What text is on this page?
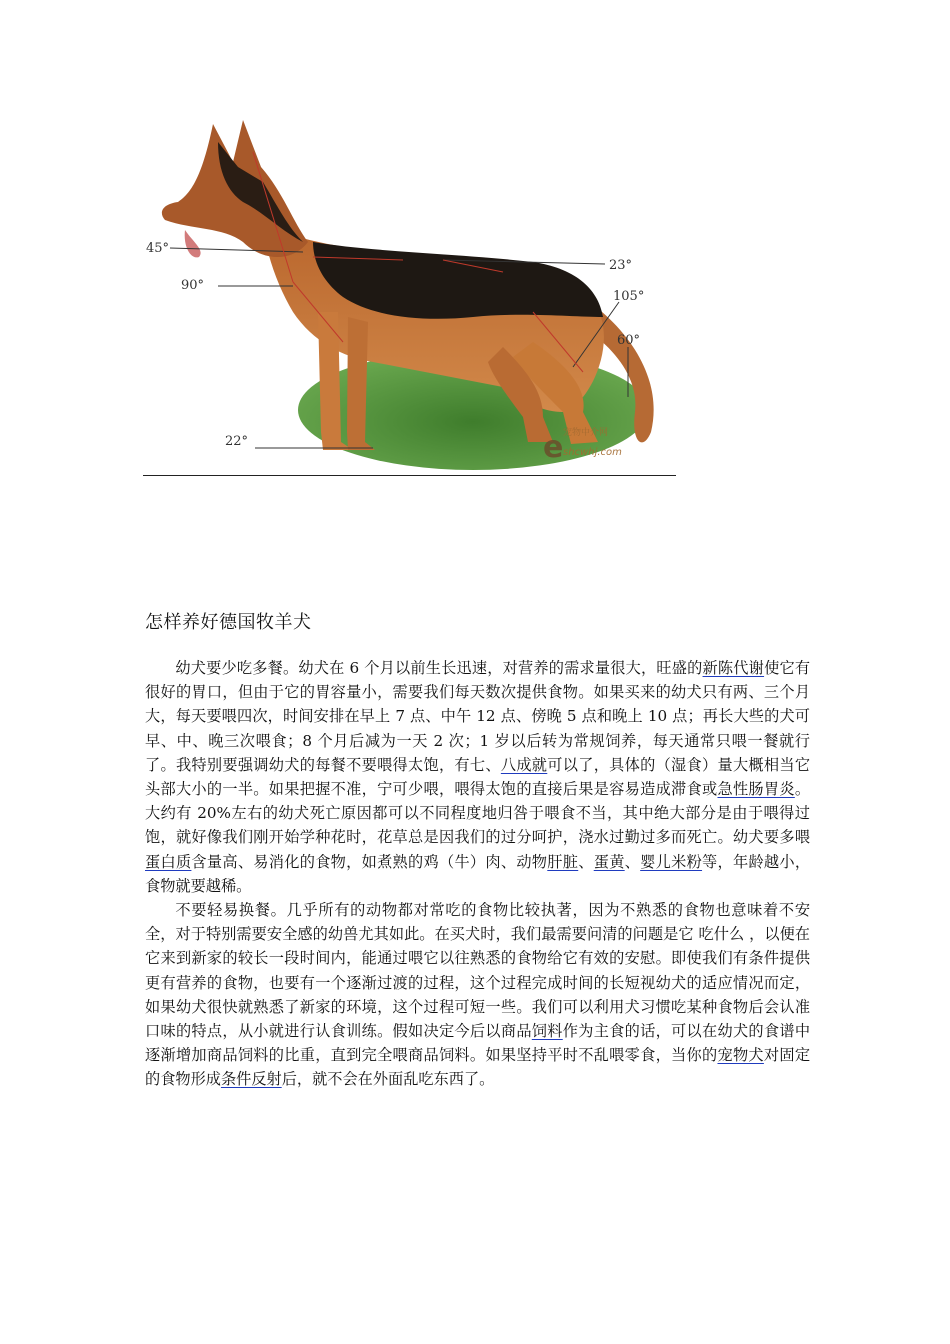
45°
90°
23°
105°
60°
22°	e 宠物中介网
shcwhj.com
怎样养好德国牧羊犬

幼犬要少吃多餐。幼犬在 6 个月以前生长迅速，对营养的需求量很大，旺盛的新陈代谢使它有很好的胃口，但由于它的胃容量小，需要我们每天数次提供食物。如果买来的幼犬只有两、三个月大，每天要喂四次，时间安排在早上 7 点、中午 12 点、傍晚 5 点和晚上 10 点；再长大些的犬可早、中、晚三次喂食；8 个月后减为一天 2 次；1 岁以后转为常规饲养，每天通常只喂一餐就行了。我特别要强调幼犬的每餐不要喂得太饱，有七、八成就可以了，具体的（湿食）量大概相当它头部大小的一半。如果把握不准，宁可少喂，喂得太饱的直接后果是容易造成滞食或急性肠胃炎。大约有 20%左右的幼犬死亡原因都可以不同程度地归咎于喂食不当，其中绝大部分是由于喂得过饱，就好像我们刚开始学种花时，花草总是因我们的过分呵护，浇水过勤过多而死亡。幼犬要多喂蛋白质含量高、易消化的食物，如煮熟的鸡（牛）肉、动物肝脏、蛋黄、婴儿米粉等，年龄越小，食物就要越稀。

不要轻易换餐。几乎所有的动物都对常吃的食物比较执著，因为不熟悉的食物也意味着不安全，对于特别需要安全感的幼兽尤其如此。在买犬时，我们最需要问清的问题是它 吃什么 ，以便在它来到新家的较长一段时间内，能通过喂它以往熟悉的食物给它有效的安慰。即使我们有条件提供更有营养的食物，也要有一个逐渐过渡的过程，这个过程完成时间的长短视幼犬的适应情况而定，如果幼犬很快就熟悉了新家的环境，这个过程可短一些。我们可以利用犬习惯吃某种食物后会认准口味的特点，从小就进行认食训练。假如决定今后以商品饲料作为主食的话，可以在幼犬的食谱中逐渐增加商品饲料的比重，直到完全喂商品饲料。如果坚持平时不乱喂零食，当你的宠物犬对固定的食物形成条件反射后，就不会在外面乱吃东西了。
